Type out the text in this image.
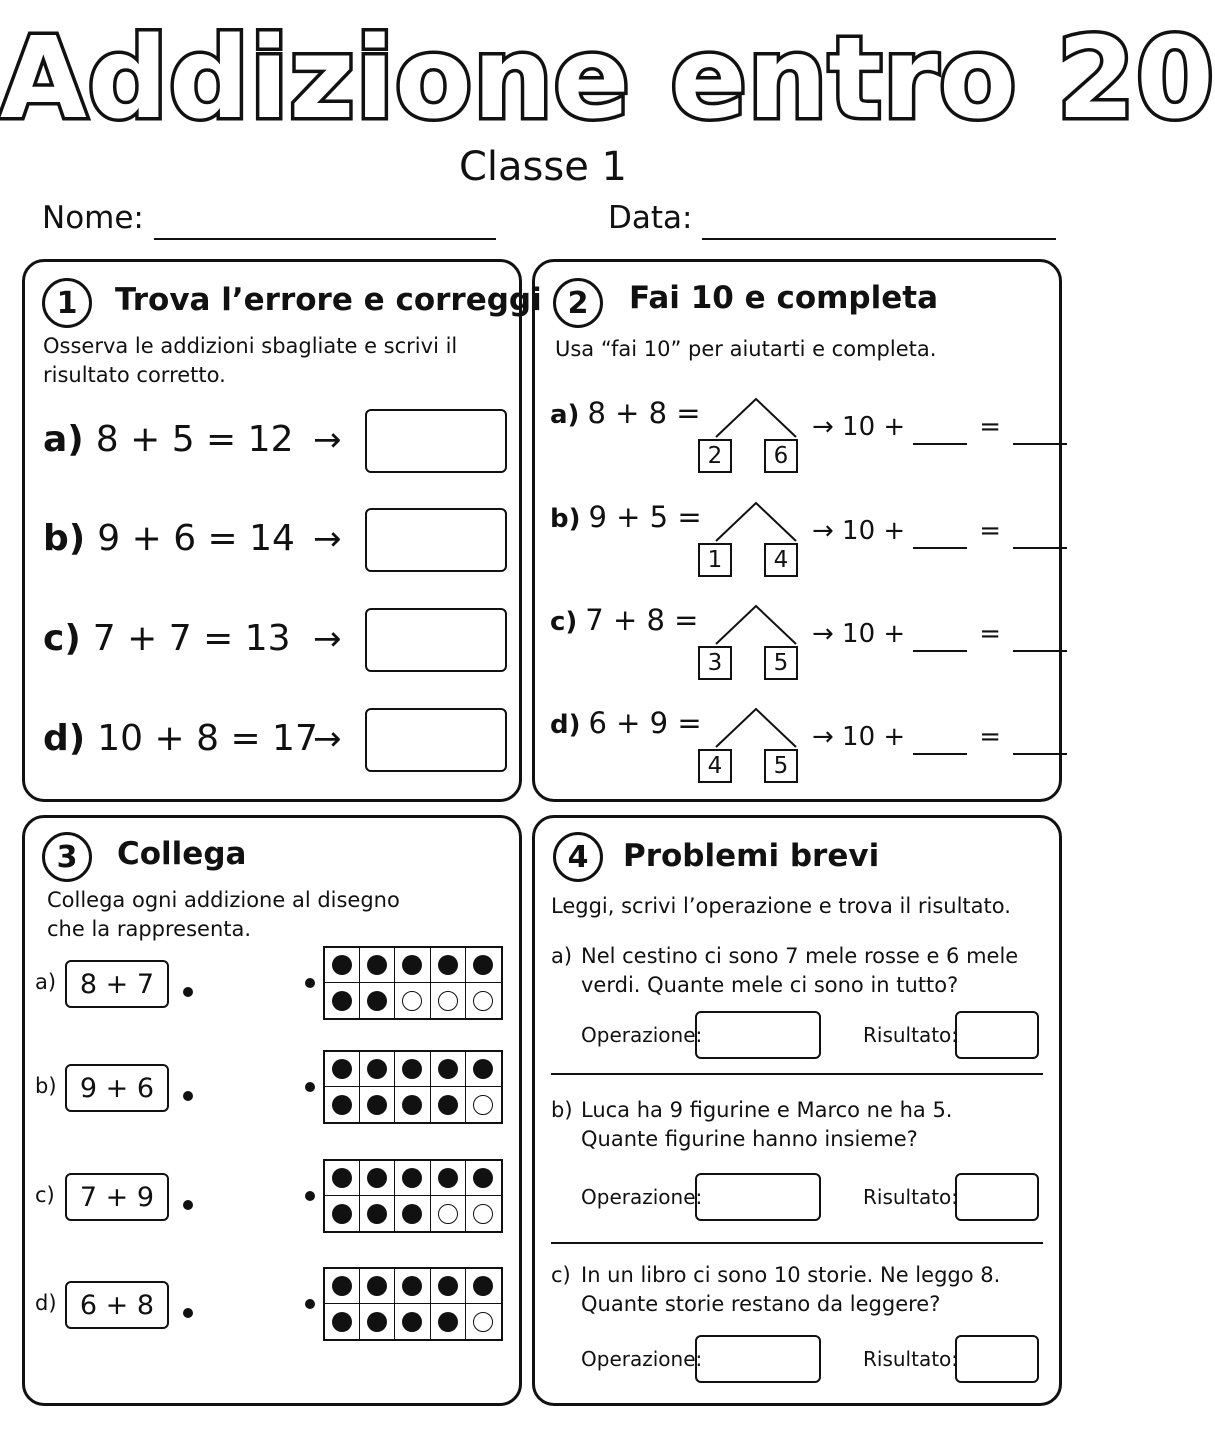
Addizione entro 20
Classe 1
Nome:	Data:
1	Trova l’errore e correggi
Osserva le addizioni sbagliate e scrivi il risultato corretto.
a) 8 + 5 = 12 →
b) 9 + 6 = 14 →
c) 7 + 7 = 13 →
d) 10 + 8 = 17
→
2	Fai 10 e completa
Usa “fai 10” per aiutarti e completa.
a) 8 + 8 =
2	6
→ 10 +	=
b) 9 + 5 =
1	4
→ 10 +	=
c) 7 + 8 =
3	5
→ 10 +	=
d) 6 + 9 =
4	5
→ 10 +	=
3	Collega
Collega ogni addizione al disegno che la rappresenta.
a) 8 + 7
b) 9 + 6
c) 7 + 9
d) 6 + 8
4	Problemi brevi
Leggi, scrivi l’operazione e trova il risultato.
a) Nel cestino ci sono 7 mele rosse e 6 mele verdi. Quante mele ci sono in tutto?
Operazione:	Risultato:
b) Luca ha 9 figurine e Marco ne ha 5. Quante figurine hanno insieme?
Operazione:	Risultato:
c) In un libro ci sono 10 storie. Ne leggo 8. Quante storie restano da leggere?
Operazione:	Risultato:
